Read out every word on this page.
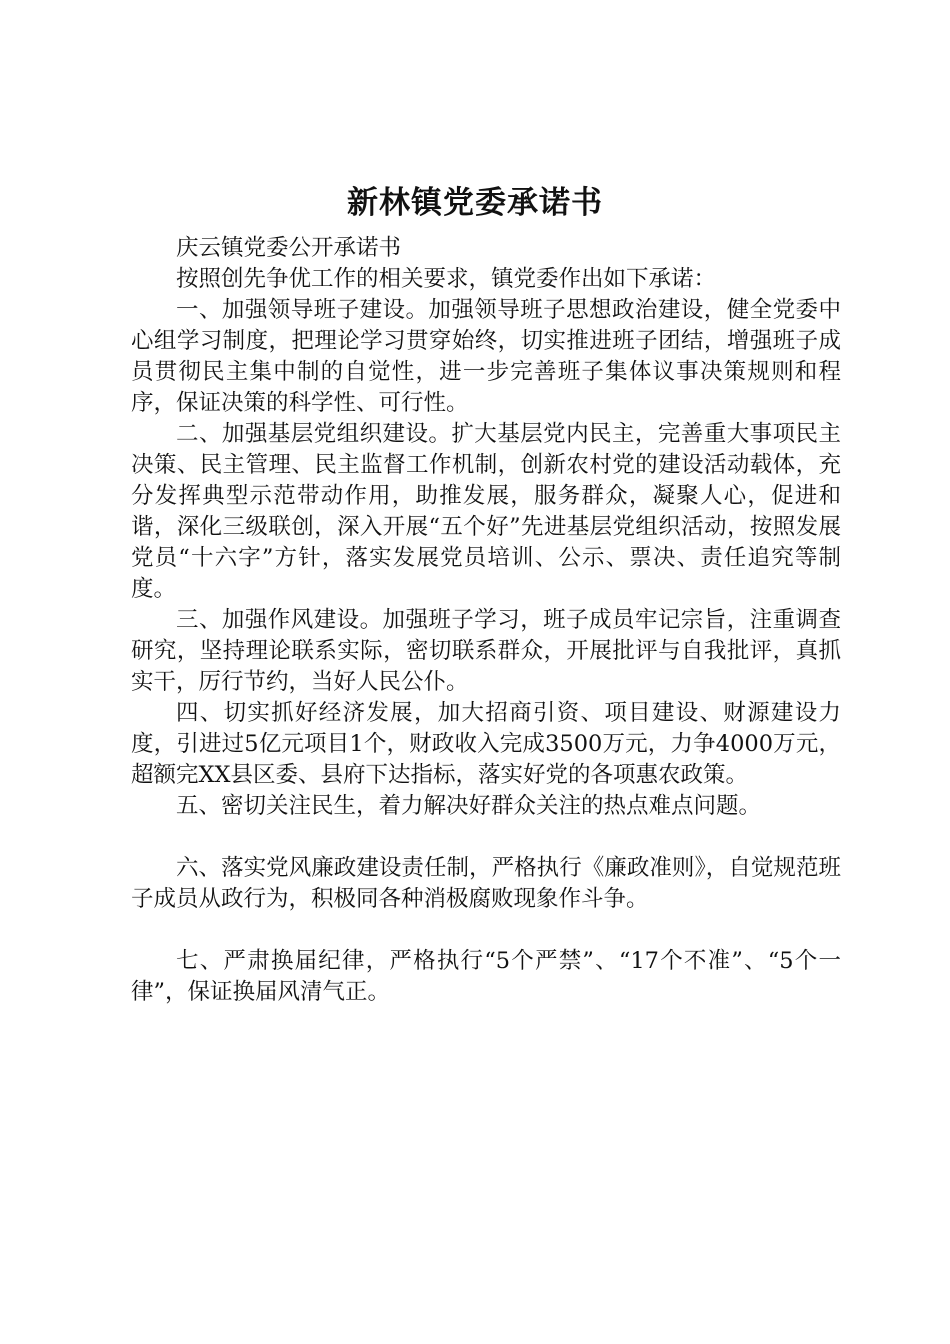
新林镇党委承诺书

庆云镇党委公开承诺书

按照创先争优工作的相关要求，镇党委作出如下承诺：

一、加强领导班子建设。加强领导班子思想政治建设，健全党委中心组学习制度，把理论学习贯穿始终，切实推进班子团结，增强班子成员贯彻民主集中制的自觉性，进一步完善班子集体议事决策规则和程序，保证决策的科学性、可行性。

二、加强基层党组织建设。扩大基层党内民主，完善重大事项民主决策、民主管理、民主监督工作机制，创新农村党的建设活动载体，充分发挥典型示范带动作用，助推发展，服务群众，凝聚人心，促进和谐，深化三级联创，深入开展“五个好”先进基层党组织活动，按照发展党员“十六字”方针，落实发展党员培训、公示、票决、责任追究等制度。

三、加强作风建设。加强班子学习，班子成员牢记宗旨，注重调查研究，坚持理论联系实际，密切联系群众，开展批评与自我批评，真抓实干，厉行节约，当好人民公仆。

四、切实抓好经济发展，加大招商引资、项目建设、财源建设力度，引进过5亿元项目1个，财政收入完成3500万元，力争4000万元，超额完XX县区委、县府下达指标，落实好党的各项惠农政策。

五、密切关注民生，着力解决好群众关注的热点难点问题。

六、落实党风廉政建设责任制，严格执行《廉政准则》，自觉规范班子成员从政行为，积极同各种消极腐败现象作斗争。

七、严肃换届纪律，严格执行“5个严禁”、“17个不准”、“5个一律”，保证换届风清气正。
